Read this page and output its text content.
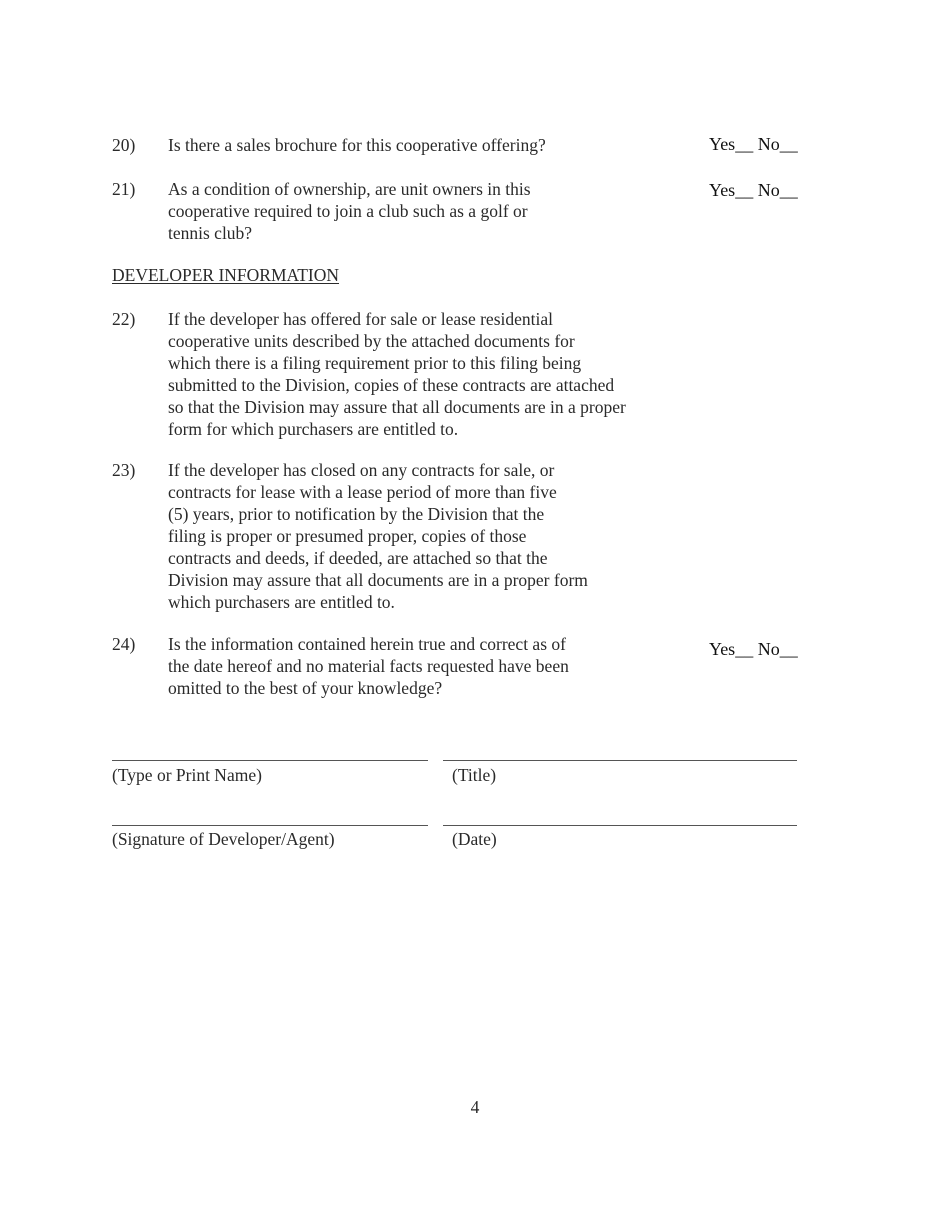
20) Is there a sales brochure for this cooperative offering?	Yes__ No__
21) As a condition of ownership, are unit owners in this
cooperative required to join a club such as a golf or
tennis club?
Yes__ No__
DEVELOPER INFORMATION
22) If the developer has offered for sale or lease residential
cooperative units described by the attached documents for
which there is a filing requirement prior to this filing being
submitted to the Division, copies of these contracts are attached
so that the Division may assure that all documents are in a proper
form for which purchasers are entitled to.
23) If the developer has closed on any contracts for sale, or
contracts for lease with a lease period of more than five
(5) years, prior to notification by the Division that the
filing is proper or presumed proper, copies of those
contracts and deeds, if deeded, are attached so that the
Division may assure that all documents are in a proper form
which purchasers are entitled to.
24) Is the information contained herein true and correct as of
the date hereof and no material facts requested have been
omitted to the best of your knowledge?
Yes__ No__
(Type or Print Name)	(Title)
(Signature of Developer/Agent)	(Date)
4
